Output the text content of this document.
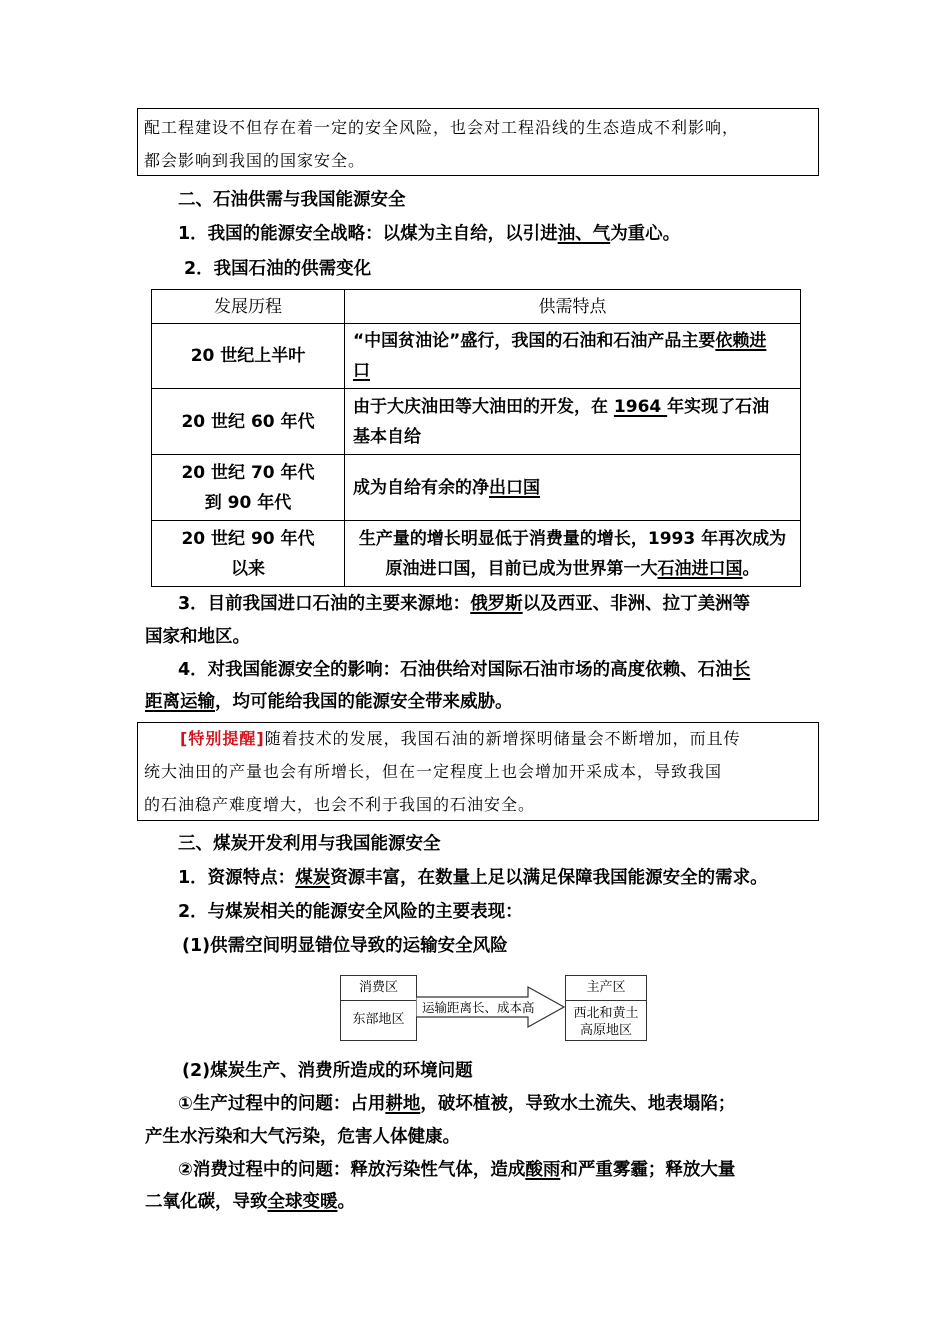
配工程建设不但存在着一定的安全风险，也会对工程沿线的生态造成不利影响，

都会影响到我国的国家安全。

二、石油供需与我国能源安全
1．我国的能源安全战略：以煤为主自给，以引进油、气为重心。
2．我国石油的供需变化
发展历程	供需特点
20 世纪上半叶	“中国贫油论”盛行，我国的石油和石油产品主要依赖进口
20 世纪 60 年代	由于大庆油田等大油田的开发，在 1964 年实现了石油基本自给
20 世纪 70 年代到 90 年代	成为自给有余的净出口国
20 世纪 90 年代以来	生产量的增长明显低于消费量的增长，1993 年再次成为原油进口国，目前已成为世界第一大石油进口国。
3．目前我国进口石油的主要来源地：俄罗斯以及西亚、非洲、拉丁美洲等
国家和地区。
4．对我国能源安全的影响：石油供给对国际石油市场的高度依赖、石油长
距离运输，均可能给我国的能源安全带来威胁。

[特别提醒]随着技术的发展，我国石油的新增探明储量会不断增加，而且传

统大油田的产量也会有所增长，但在一定程度上也会增加开采成本，导致我国

的石油稳产难度增大，也会不利于我国的石油安全。

三、煤炭开发利用与我国能源安全
1．资源特点：煤炭资源丰富，在数量上足以满足保障我国能源安全的需求。
2．与煤炭相关的能源安全风险的主要表现：
(1)供需空间明显错位导致的运输安全风险
消费区
东部地区
运输距离长、成本高
主产区
西北和黄土
高原地区
(2)煤炭生产、消费所造成的环境问题
①生产过程中的问题：占用耕地，破坏植被，导致水土流失、地表塌陷；
产生水污染和大气污染，危害人体健康。
②消费过程中的问题：释放污染性气体，造成酸雨和严重雾霾；释放大量
二氧化碳，导致全球变暖。
